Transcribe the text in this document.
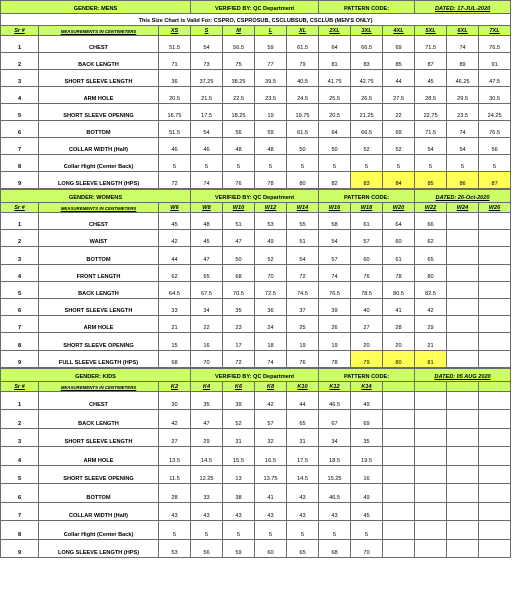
GENDER: MENS			VERIFIED BY: QC Department				PATTERN CODE:			DATED: 17-JUL-2020		
This Size Chart is Valid For: CSPRO, CSPROSUB, CSCLUBSUB, CSCLUB (MEN'S ONLY)												
Sr #	MEASUREMENTS IN CENTIMETERS	XS	S	M	L	XL	2XL	3XL	4XL	5XL	6XL	7XL
1	CHEST	51.5	54	56.5	59	61.5	64	66.5	69	71.5	74	76.5
2	BACK LENGTH	71	73	75	77	79	81	83	85	87	89	91
3	SHORT SLEEVE LENGTH	36	37.25	38.25	39.5	40.5	41.75	42.75	44	45	46.25	47.5
4	ARM HOLE	20.5	21.5	22.5	23.5	24.5	25.5	26.5	27.5	28.5	29.5	30.5
5	SHORT SLEEVE OPENING	16.75	17.5	18.25	19	19.75	20.5	21.25	22	22.75	23.5	24.25
6	BOTTOM	51.5	54	56	59	61.5	64	66.5	69	71.5	74	76.5
7	COLLAR WIDTH (Half)	46	46	48	48	50	50	52	52	54	54	56
8	Collar Hight (Center Back)	5	5	5	5	5	5	5	5	5	5	5
9	LONG SLEEVE LENGTH (HPS)	72	74	76	78	80	82	83	84	85	86	87
GENDER: WOMENS			VERIFIED BY: QC Department				PATTERN CODE:			DATED: 26-Oct-2020		
Sr #	MEASUREMENTS IN CENTIMETERS	W6	W8	W10	W12	W14	W16	W18	W20	W22	W24	W26
1	CHEST	45	48	51	53	55	58	61	64	66		
2	WAIST	42	45	47	49	51	54	57	60	62		
3	BOTTOM	44	47	50	52	54	57	60	61	65		
4	FRONT LENGTH	62	65	68	70	72	74	76	78	80		
5	BACK LENGTH	64.5	67.5	70.5	72.5	74.5	76.5	78.5	80.5	82.5		
6	SHORT SLEEVE LENGTH	33	34	35	36	37	39	40	41	42		
7	ARM HOLE	21	22	23	24	25	26	27	28	29		
8	SHORT SLEEVE OPENING	15	16	17	18	19	19	20	20	21		
9	FULL SLEEVE LENGTH (HPS)	68	70	72	74	76	78	79	80	81		
GENDER: KIDS			VERIFIED BY: QC Department				PATTERN CODE:			DATED: 05 AUG 2020		
Sr #	MEASUREMENTS IN CENTIMETERS	K2	K4	K6	K8	K10	K12	K14				
1	CHEST	30	35	39	42	44	46.5	49				
2	BACK LENGTH	42	47	52	57	65	67	69				
3	SHORT SLEEVE LENGTH	27	29	31	32	31	34	35				
4	ARM HOLE	13.5	14.5	15.5	16.5	17.5	18.5	19.5				
5	SHORT SLEEVE OPENING	11.5	12.25	13	13.75	14.5	15.25	16				
6	BOTTOM	28	33	38	41	43	46.5	49				
7	COLLAR WIDTH (Half)	43	43	43	43	43	43	45				
8	Collar Hight (Center Back)	5	5	5	5	5	5	5				
9	LONG SLEEVE LENGTH (HPS)	53	56	59	60	65	68	70				
